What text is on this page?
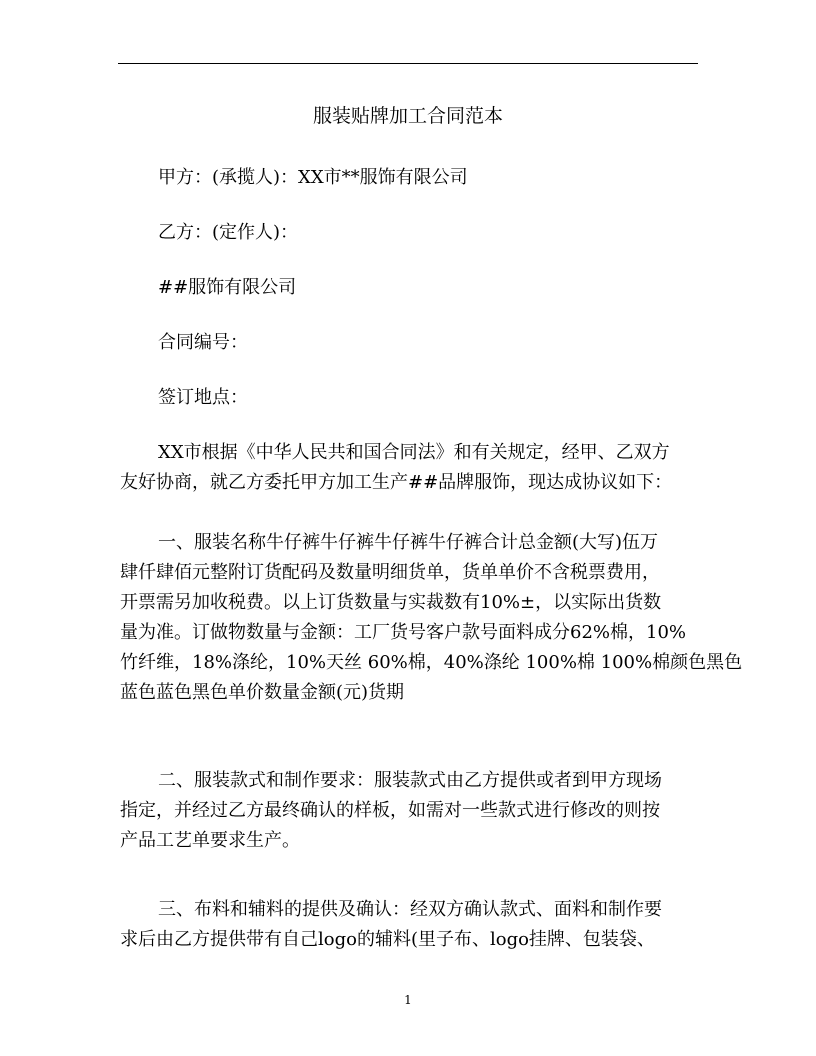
服装贴牌加工合同范本

甲方：(承揽人)：XX市**服饰有限公司

乙方：(定作人)：

##服饰有限公司

合同编号：

签订地点：

XX市根据《中华人民共和国合同法》和有关规定，经甲、乙双方
友好协商，就乙方委托甲方加工生产##品牌服饰，现达成协议如下：
一、服装名称牛仔裤牛仔裤牛仔裤牛仔裤合计总金额(大写)伍万
肆仟肆佰元整附订货配码及数量明细货单，货单单价不含税票费用，
开票需另加收税费。以上订货数量与实裁数有10%±，以实际出货数
量为准。订做物数量与金额：工厂货号客户款号面料成分62%棉，10%
竹纤维，18%涤纶，10%天丝 60%棉，40%涤纶 100%棉 100%棉颜色黑色
蓝色蓝色黑色单价数量金额(元)货期
二、服装款式和制作要求：服装款式由乙方提供或者到甲方现场
指定，并经过乙方最终确认的样板，如需对一些款式进行修改的则按
产品工艺单要求生产。
三、布料和辅料的提供及确认：经双方确认款式、面料和制作要
求后由乙方提供带有自己logo的辅料(里子布、logo挂牌、包装袋、
1
